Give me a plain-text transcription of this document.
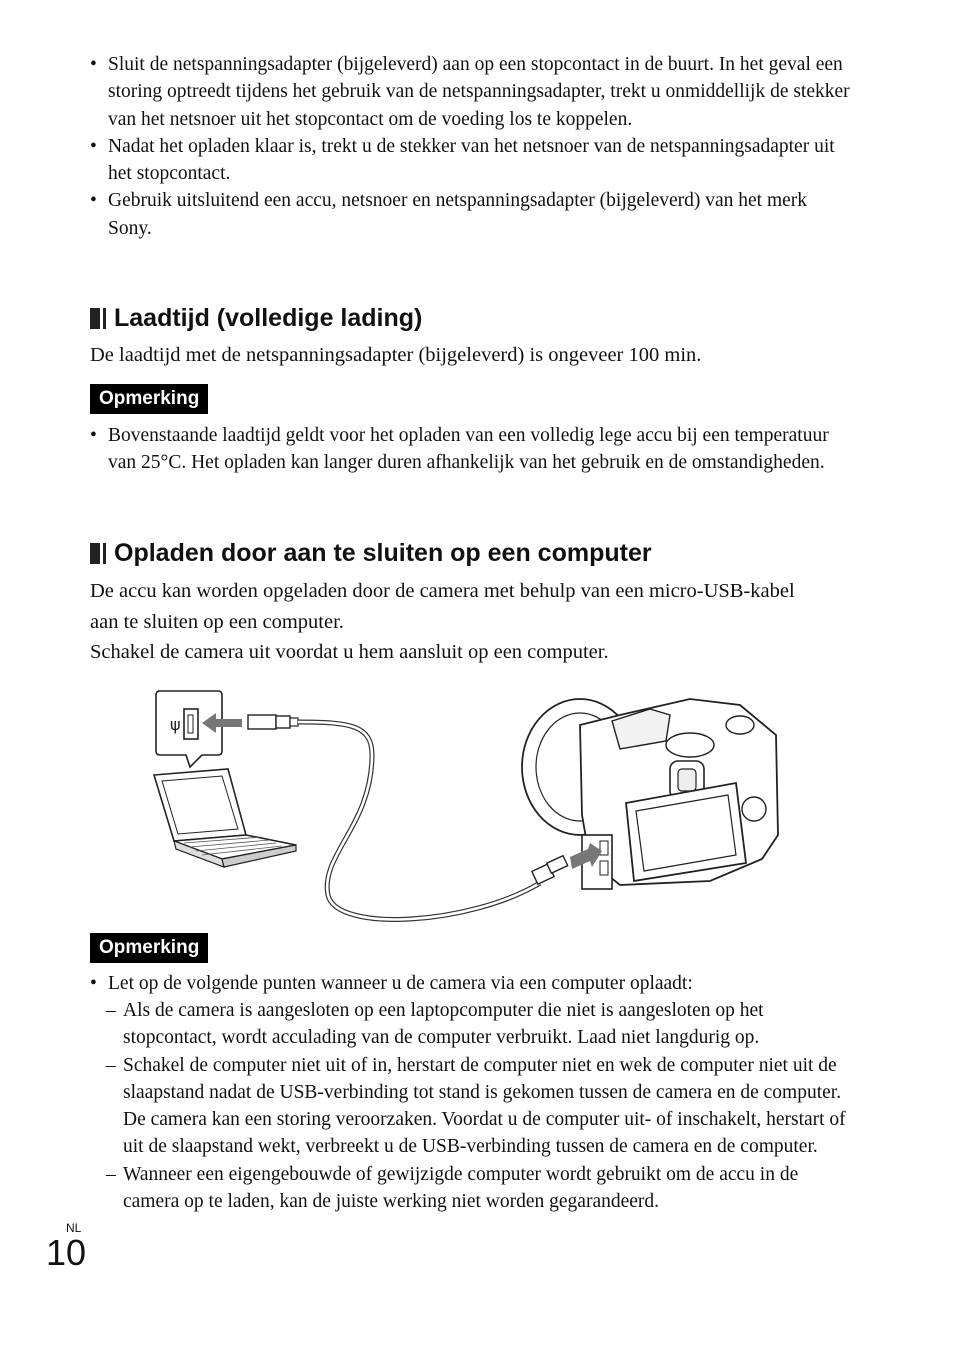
• Sluit de netspanningsadapter (bijgeleverd) aan op een stopcontact in de buurt. In het geval een storing optreedt tijdens het gebruik van de netspanningsadapter, trekt u onmiddellijk de stekker van het netsnoer uit het stopcontact om de voeding los te koppelen.
• Nadat het opladen klaar is, trekt u de stekker van het netsnoer van de netspanningsadapter uit het stopcontact.
• Gebruik uitsluitend een accu, netsnoer en netspanningsadapter (bijgeleverd) van het merk Sony.
Laadtijd (volledige lading)

De laadtijd met de netspanningsadapter (bijgeleverd) is ongeveer 100 min.

Opmerking
• Bovenstaande laadtijd geldt voor het opladen van een volledig lege accu bij een temperatuur van 25°C. Het opladen kan langer duren afhankelijk van het gebruik en de omstandigheden.
Opladen door aan te sluiten op een computer

De accu kan worden opgeladen door de camera met behulp van een micro-USB-kabel aan te sluiten op een computer.

Schakel de camera uit voordat u hem aansluit op een computer.

ψ
Opmerking
• Let op de volgende punten wanneer u de camera via een computer oplaadt:
– Als de camera is aangesloten op een laptopcomputer die niet is aangesloten op het stopcontact, wordt acculading van de computer verbruikt. Laad niet langdurig op.
– Schakel de computer niet uit of in, herstart de computer niet en wek de computer niet uit de slaapstand nadat de USB-verbinding tot stand is gekomen tussen de camera en de computer. De camera kan een storing veroorzaken. Voordat u de computer uit- of inschakelt, herstart of uit de slaapstand wekt, verbreekt u de USB-verbinding tussen de camera en de computer.
– Wanneer een eigengebouwde of gewijzigde computer wordt gebruikt om de accu in de camera op te laden, kan de juiste werking niet worden gegarandeerd.
NL
10
